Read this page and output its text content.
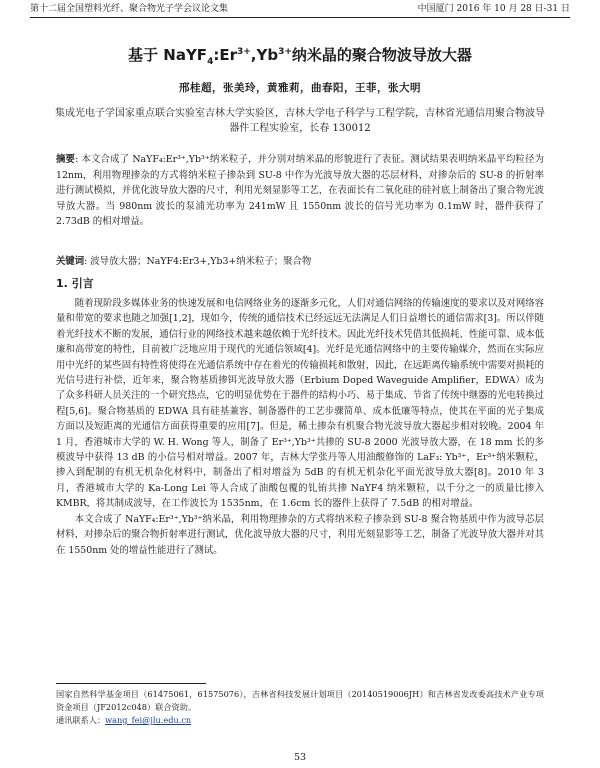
第十二届全国塑料光纤、聚合物光子学会议论文集	中国厦门 2016 年 10 月 28 日-31 日
基于 $NaYF_4:Er^{3+},Yb^{3+}$纳米晶的聚合物波导放大器
邢桂超，张美玲，黄雅莉，曲春阳，王菲，张大明
集成光电子学国家重点联合实验室吉林大学实验区，吉林大学电子科学与工程学院，吉林省光通信用聚合物波导器件工程实验室，长春 130012
摘要: 本文合成了 NaYF₄:Er³⁺,Yb³⁺纳米粒子，并分别对纳米晶的形貌进行了表征。测试结果表明纳米晶平均粒径为 12nm，利用物理掺杂的方式将纳米粒子掺杂到 SU-8 中作为光波导放大器的芯层材料，对掺杂后的 SU-8 的折射率进行测试模拟，并优化波导放大器的尺寸，利用光刻显影等工艺，在表面长有二氧化硅的硅衬底上制备出了聚合物光波导放大器。当 980nm 波长的泵浦光功率为 241mW 且 1550nm 波长的信号光功率为 0.1mW 时，器件获得了 2.73dB 的相对增益。
关键词: 波导放大器；NaYF4:Er3+,Yb3+纳米粒子；聚合物
1. 引言

随着现阶段多媒体业务的快速发展和电信网络业务的逐渐多元化，人们对通信网络的传输速度的要求以及对网络容量和带宽的要求也随之加强[1,2]，现如今，传统的通信技术已经远远无法满足人们日益增长的通信需求[3]。所以伴随着光纤技术不断的发展，通信行业的网络技术越来越依赖于光纤技术。因此光纤技术凭借其低损耗、性能可靠、成本低廉和高带宽的特性，目前被广泛地应用于现代的光通信领域[4]。光纤是光通信网络中的主要传输媒介，然而在实际应用中光纤的某些固有特性将使得在光通信系统中存在着光的传输损耗和散射，因此，在远距离传输系统中需要对损耗的光信号进行补偿，近年来，聚合物基质掺铒光波导放大器（Erbium Doped Waveguide Amplifier，EDWA）成为了众多科研人员关注的一个研究热点，它的明显优势在于器件的结构小巧、易于集成、节省了传统中继器的光电转换过程[5,6]。聚合物基质的 EDWA 具有硅基兼容、制备器件的工艺步骤简单、成本低廉等特点，使其在平面的光子集成方面以及短距离的光通信方面获得重要的应用[7]。但是，稀土掺杂有机聚合物光波导放大器起步相对较晚。2004 年 1 月，香港城市大学的 W. H. Wong 等人，制备了 Er³⁺,Yb³⁺共掺的 SU-8 2000 光波导放大器，在 18 mm 长的多模波导中获得 13 dB 的小信号相对增益。2007 年，吉林大学张丹等人用油酸修饰的 LaF₃: Yb³⁺，Er³⁺纳米颗粒，掺入到配制的有机无机杂化材料中，制备出了相对增益为 5dB 的有机无机杂化平面光波导放大器[8]。2010 年 3 月，香港城市大学的 Ka-Long Lei 等人合成了油酸包覆的钆铕共掺 NaYF4 纳米颗粒，以千分之一的质量比掺入 KMBR，将其制成波导，在工作波长为 1535nm，在 1.6cm 长的器件上获得了 7.5dB 的相对增益。

本文合成了 NaYF₄:Er³⁺,Yb³⁺纳米晶，利用物理掺杂的方式将纳米粒子掺杂到 SU-8 聚合物基质中作为波导芯层材料，对掺杂后的聚合物折射率进行测试，优化波导放大器的尺寸，利用光刻显影等工艺，制备了光波导放大器并对其在 1550nm 处的增益性能进行了测试。

国家自然科学基金项目（61475061，61575076），吉林省科技发展计划项目（20140519006JH）和吉林省发改委高技术产业专项资金项目（JF2012c048）联合资助。
通讯联系人：wang_fei@jlu.edu.cn
53
